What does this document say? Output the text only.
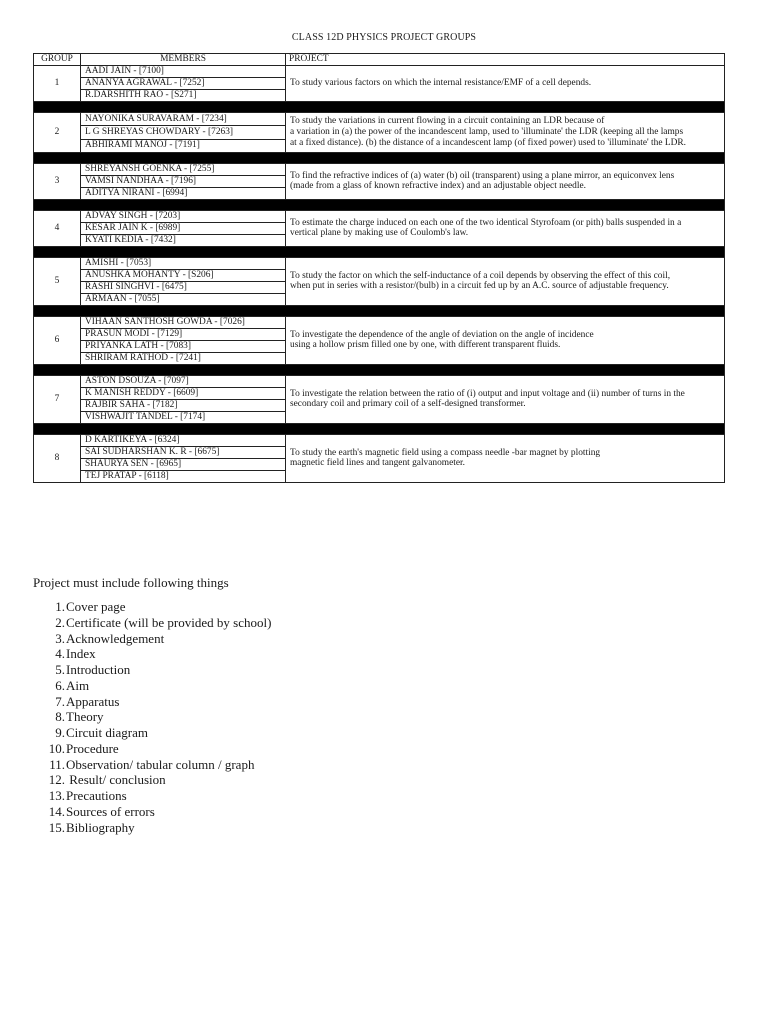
CLASS 12D PHYSICS PROJECT GROUPS
GROUP	MEMBERS	PROJECT
1	AADI JAIN - [7100]	To study various factors on which the internal resistance/EMF of a cell depends.
	ANANYA AGRAWAL - [7252]	
	R.DARSHITH RAO - [S271]	

2	NAYONIKA SURAVARAM - [7234]	To study the variations in current flowing in a circuit containing an LDR because of
a variation in (a) the power of the incandescent lamp, used to 'illuminate' the LDR (keeping all the lamps
at a fixed distance). (b) the distance of a incandescent lamp (of fixed power) used to 'illuminate' the LDR.
	L G SHREYAS CHOWDARY - [7263]	
	ABHIRAMI MANOJ - [7191]	

3	SHREYANSH GOENKA - [7255]	To find the refractive indices of (a) water (b) oil (transparent) using a plane mirror, an equiconvex lens
(made from a glass of known refractive index) and an adjustable object needle.
	VAMSI NANDHAA - [7196]	
	ADITYA NIRANI - [6994]	

4	ADVAY SINGH - [7203]	To estimate the charge induced on each one of the two identical Styrofoam (or pith) balls suspended in a
vertical plane by making use of Coulomb's law.
	KESAR JAIN K - [6989]	
	KYATI KEDIA - [7432]	

5	AMISHI - [7053]	To study the factor on which the self-inductance of a coil depends by observing the effect of this coil,
when put in series with a resistor/(bulb) in a circuit fed up by an A.C. source of adjustable frequency.
	ANUSHKA MOHANTY - [S206]	
	RASHI SINGHVI - [6475]	
	ARMAAN - [7055]	

6	VIHAAN SANTHOSH GOWDA - [7026]	To investigate the dependence of the angle of deviation on the angle of incidence
using a hollow prism filled one by one, with different transparent fluids.
	PRASUN MODI - [7129]	
	PRIYANKA LATH - [7083]	
	SHRIRAM RATHOD - [7241]	

7	ASTON DSOUZA - [7097]	To investigate the relation between the ratio of (i) output and input voltage and (ii) number of turns in the
secondary coil and primary coil of a self-designed transformer.
	K MANISH REDDY - [6609]	
	RAJBIR SAHA - [7182]	
	VISHWAJIT TANDEL - [7174]	

8	D KARTIKEYA - [6324]	To study the earth's magnetic field using a compass needle -bar magnet by plotting
magnetic field lines and tangent galvanometer.
	SAI SUDHARSHAN K. R - [6675]	
	SHAURYA SEN - [6965]	
	TEJ PRATAP - [6118]	
Project must include following things
1. Cover page
2. Certificate (will be provided by school)
3. Acknowledgement
4. Index
5. Introduction
6. Aim
7. Apparatus
8. Theory
9. Circuit diagram
10. Procedure
11. Observation/ tabular column / graph
12. Result/ conclusion
13. Precautions
14. Sources of errors
15. Bibliography
